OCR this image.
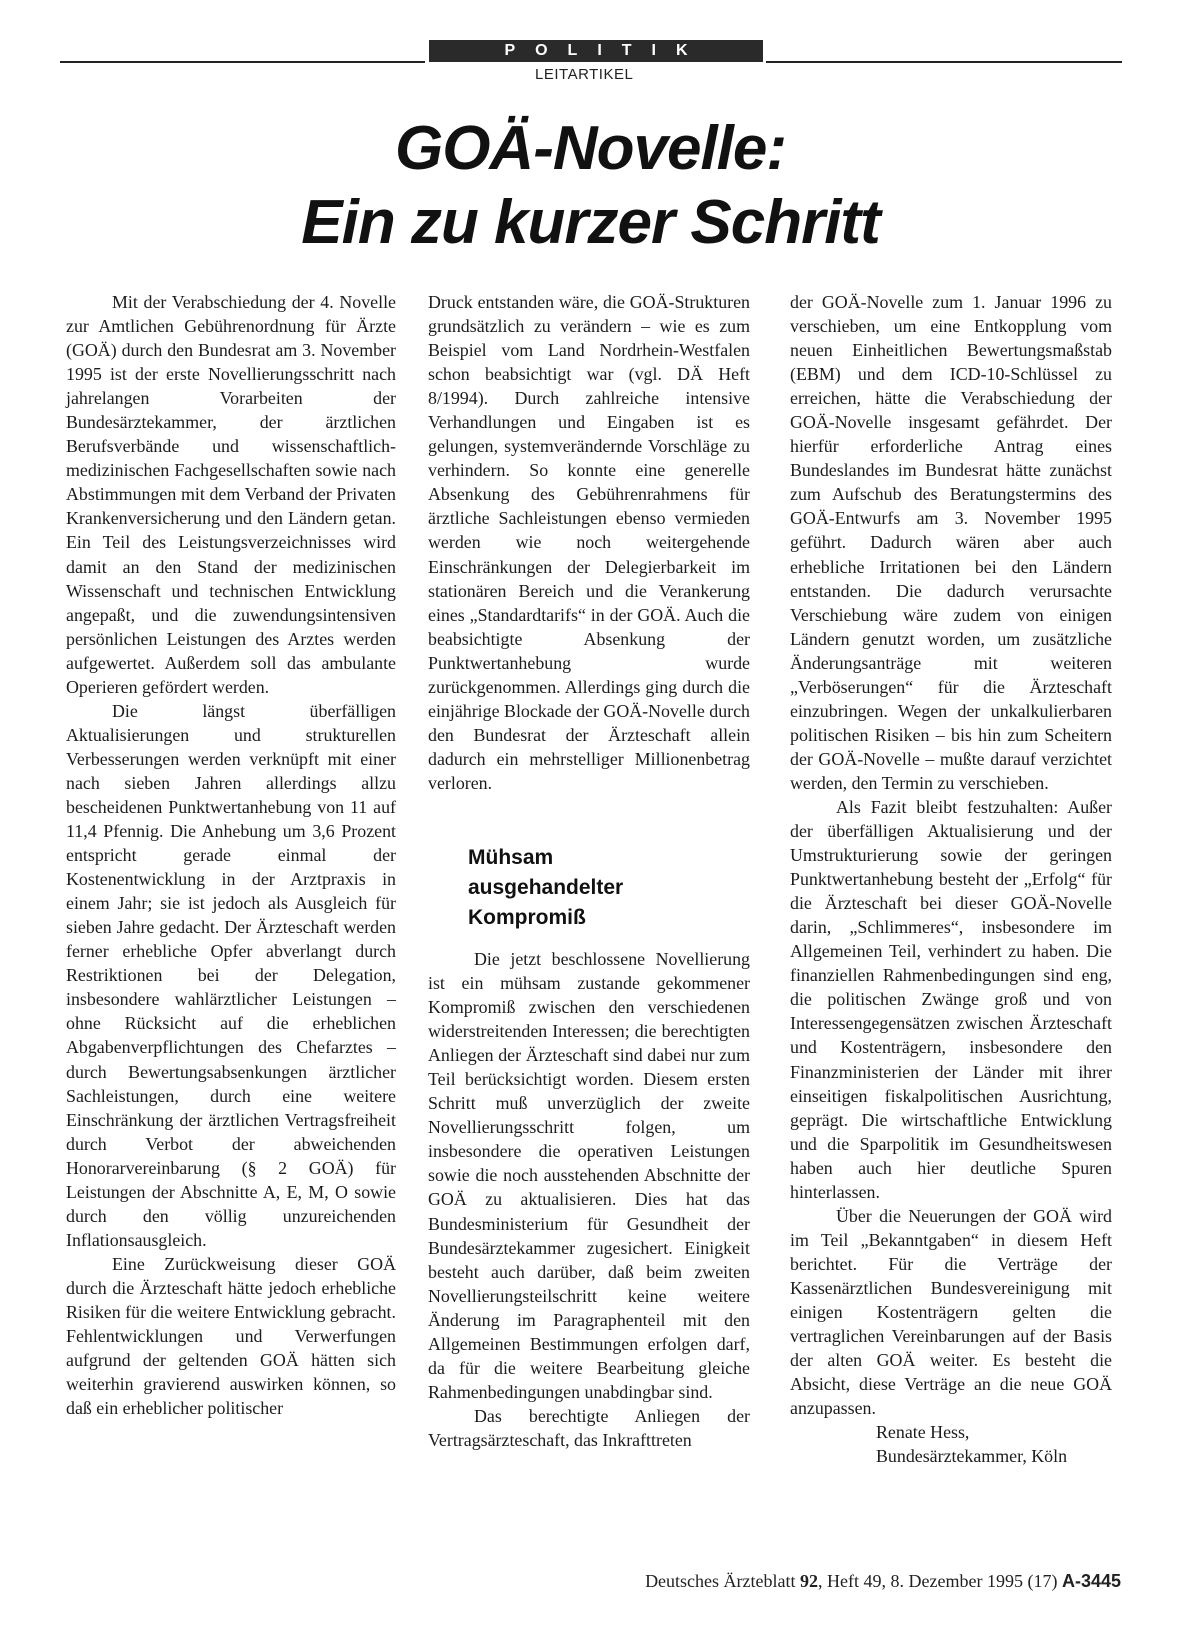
POLITIK
LEITARTIKEL
GOÄ-Novelle:
Ein zu kurzer Schritt

Mit der Verabschiedung der 4. Novelle zur Amtlichen Gebührenordnung für Ärzte (GOÄ) durch den Bundesrat am 3. November 1995 ist der erste Novellierungsschritt nach jahrelangen Vorarbeiten der Bundesärztekammer, der ärztlichen Berufsverbände und wissenschaftlich-medizinischen Fachgesellschaften sowie nach Abstimmungen mit dem Verband der Privaten Krankenversicherung und den Ländern getan. Ein Teil des Leistungsverzeichnisses wird damit an den Stand der medizinischen Wissenschaft und technischen Entwicklung angepaßt, und die zuwendungsintensiven persönlichen Leistungen des Arztes werden aufgewertet. Außerdem soll das ambulante Operieren gefördert werden.

Die längst überfälligen Aktualisierungen und strukturellen Verbesserungen werden verknüpft mit einer nach sieben Jahren allerdings allzu bescheidenen Punktwertanhebung von 11 auf 11,4 Pfennig. Die Anhebung um 3,6 Prozent entspricht gerade einmal der Kostenentwicklung in der Arztpraxis in einem Jahr; sie ist jedoch als Ausgleich für sieben Jahre gedacht. Der Ärzteschaft werden ferner erhebliche Opfer abverlangt durch Restriktionen bei der Delegation, insbesondere wahlärztlicher Leistungen – ohne Rücksicht auf die erheblichen Abgabenverpflichtungen des Chefarztes – durch Bewertungsabsenkungen ärztlicher Sachleistungen, durch eine weitere Einschränkung der ärztlichen Vertragsfreiheit durch Verbot der abweichenden Honorarvereinbarung (§ 2 GOÄ) für Leistungen der Abschnitte A, E, M, O sowie durch den völlig unzureichenden Inflationsausgleich.

Eine Zurückweisung dieser GOÄ durch die Ärzteschaft hätte jedoch erhebliche Risiken für die weitere Entwicklung gebracht. Fehlentwicklungen und Verwerfungen aufgrund der geltenden GOÄ hätten sich weiterhin gravierend auswirken können, so daß ein erheblicher politischer

Druck entstanden wäre, die GOÄ-Strukturen grundsätzlich zu verändern – wie es zum Beispiel vom Land Nordrhein-Westfalen schon beabsichtigt war (vgl. DÄ Heft 8/1994). Durch zahlreiche intensive Verhandlungen und Eingaben ist es gelungen, systemverändernde Vorschläge zu verhindern. So konnte eine generelle Absenkung des Gebührenrahmens für ärztliche Sachleistungen ebenso vermieden werden wie noch weitergehende Einschränkungen der Delegierbarkeit im stationären Bereich und die Verankerung eines „Standardtarifs“ in der GOÄ. Auch die beabsichtigte Absenkung der Punktwertanhebung wurde zurückgenommen. Allerdings ging durch die einjährige Blockade der GOÄ-Novelle durch den Bundesrat der Ärzteschaft allein dadurch ein mehrstelliger Millionenbetrag verloren.

Mühsam
ausgehandelter
Kompromiß

Die jetzt beschlossene Novellierung ist ein mühsam zustande gekommener Kompromiß zwischen den verschiedenen widerstreitenden Interessen; die berechtigten Anliegen der Ärzteschaft sind dabei nur zum Teil berücksichtigt worden. Diesem ersten Schritt muß unverzüglich der zweite Novellierungsschritt folgen, um insbesondere die operativen Leistungen sowie die noch ausstehenden Abschnitte der GOÄ zu aktualisieren. Dies hat das Bundesministerium für Gesundheit der Bundesärztekammer zugesichert. Einigkeit besteht auch darüber, daß beim zweiten Novellierungsteilschritt keine weitere Änderung im Paragraphenteil mit den Allgemeinen Bestimmungen erfolgen darf, da für die weitere Bearbeitung gleiche Rahmenbedingungen unabdingbar sind.

Das berechtigte Anliegen der Vertragsärzteschaft, das Inkrafttreten

der GOÄ-Novelle zum 1. Januar 1996 zu verschieben, um eine Entkopplung vom neuen Einheitlichen Bewertungsmaßstab (EBM) und dem ICD-10-Schlüssel zu erreichen, hätte die Verabschiedung der GOÄ-Novelle insgesamt gefährdet. Der hierfür erforderliche Antrag eines Bundeslandes im Bundesrat hätte zunächst zum Aufschub des Beratungstermins des GOÄ-Entwurfs am 3. November 1995 geführt. Dadurch wären aber auch erhebliche Irritationen bei den Ländern entstanden. Die dadurch verursachte Verschiebung wäre zudem von einigen Ländern genutzt worden, um zusätzliche Änderungsanträge mit weiteren „Verböserungen“ für die Ärzteschaft einzubringen. Wegen der unkalkulierbaren politischen Risiken – bis hin zum Scheitern der GOÄ-Novelle – mußte darauf verzichtet werden, den Termin zu verschieben.

Als Fazit bleibt festzuhalten: Außer der überfälligen Aktualisierung und der Umstrukturierung sowie der geringen Punktwertanhebung besteht der „Erfolg“ für die Ärzteschaft bei dieser GOÄ-Novelle darin, „Schlimmeres“, insbesondere im Allgemeinen Teil, verhindert zu haben. Die finanziellen Rahmenbedingungen sind eng, die politischen Zwänge groß und von Interessengegensätzen zwischen Ärzteschaft und Kostenträgern, insbesondere den Finanzministerien der Länder mit ihrer einseitigen fiskalpolitischen Ausrichtung, geprägt. Die wirtschaftliche Entwicklung und die Sparpolitik im Gesundheitswesen haben auch hier deutliche Spuren hinterlassen.

Über die Neuerungen der GOÄ wird im Teil „Bekanntgaben“ in diesem Heft berichtet. Für die Verträge der Kassenärztlichen Bundesvereinigung mit einigen Kostenträgern gelten die vertraglichen Vereinbarungen auf der Basis der alten GOÄ weiter. Es besteht die Absicht, diese Verträge an die neue GOÄ anzupassen.

Renate Hess,

Bundesärztekammer, Köln

Deutsches Ärzteblatt 92, Heft 49, 8. Dezember 1995 (17) A-3445
